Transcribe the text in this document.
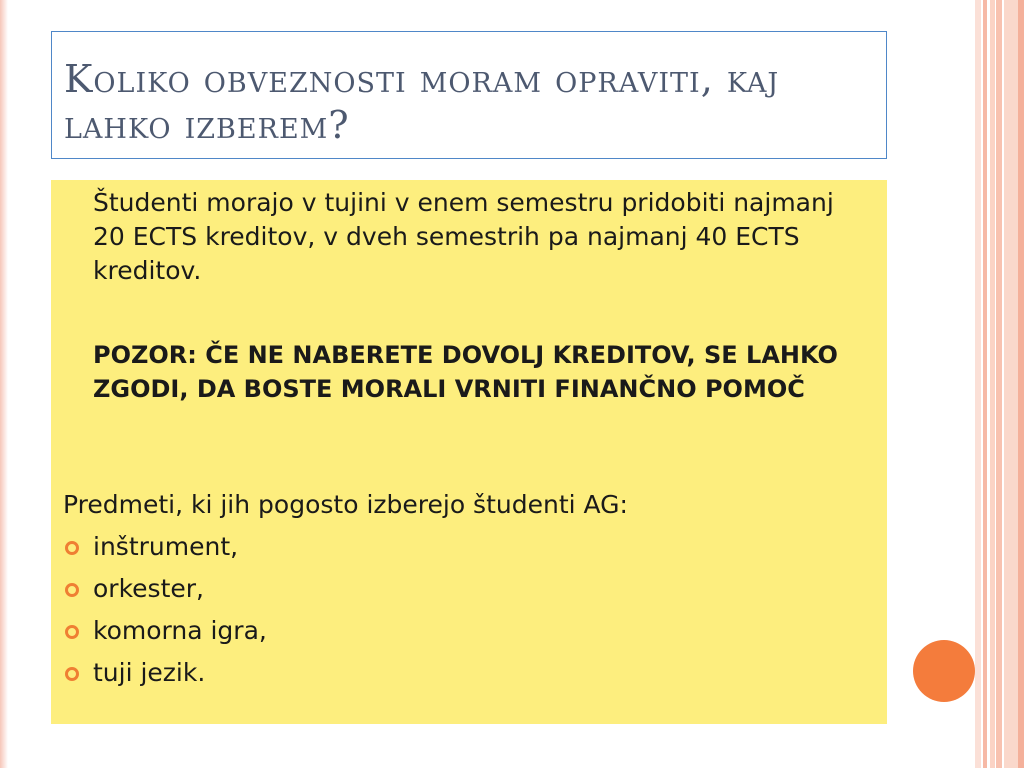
Koliko obveznosti moram opraviti, kaj lahko izberem?

Študenti morajo v tujini v enem semestru pridobiti najmanj 20 ECTS kreditov, v dveh semestrih pa najmanj 40 ECTS kreditov.

POZOR: ČE NE NABERETE DOVOLJ KREDITOV, SE LAHKO ZGODI, DA BOSTE MORALI VRNITI FINANČNO POMOČ

Predmeti, ki jih pogosto izberejo študenti AG:

inštrument,
orkester,
komorna igra,
tuji jezik.
